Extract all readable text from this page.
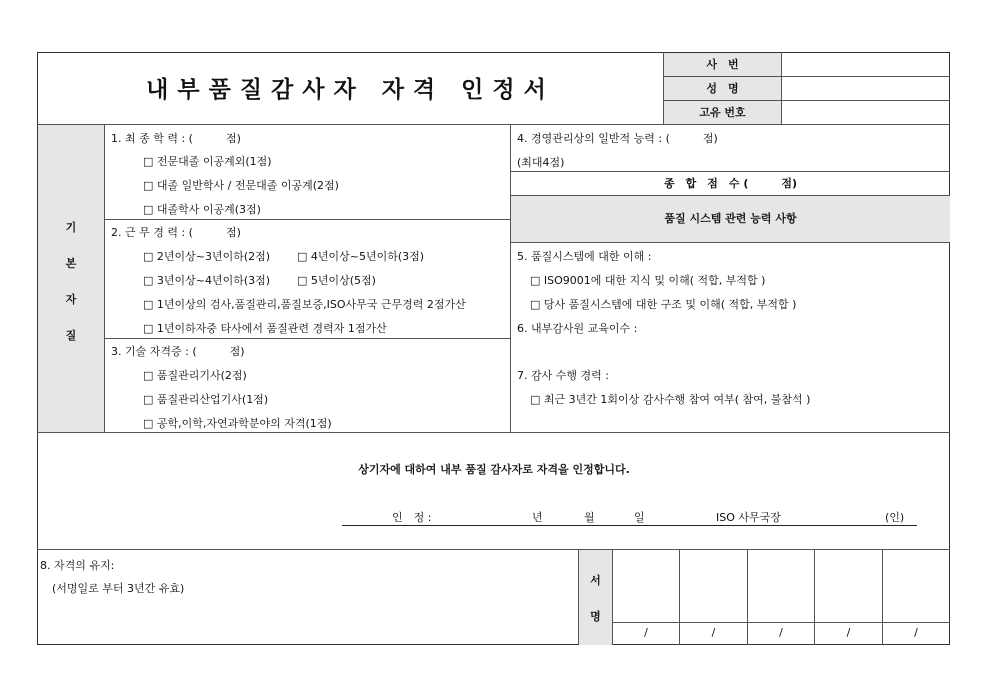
내부품질감사자 자격 인정서
사　번
성　명
고유 번호
기
본
자
질
1. 최 종 학 력 : (　　　점)
□ 전문대졸 이공계외(1점)
□ 대졸 일반학사 / 전문대졸 이공계(2점)
□ 대졸학사 이공계(3점)
2. 근 무 경 력 : (　　　점)
□ 2년이상~3년이하(2점) □ 4년이상~5년이하(3점)
□ 3년이상~4년이하(3점) □ 5년이상(5점)
□ 1년이상의 검사,품질관리,품질보증,ISO사무국 근무경력 2점가산
□ 1년이하자중 타사에서 품질관련 경력자 1점가산
3. 기술 자격증 : (　　　점)
□ 품질관리기사(2점)
□ 품질관리산업기사(1점)
□ 공학,이학,자연과학분야의 자격(1점)
4. 경영관리상의 일반적 능력 : (　　　점)
(최대4점)
종　합　점　수 (　　　점)
품질 시스템 관련 능력 사항
5. 품질시스템에 대한 이해 :
□ ISO9001에 대한 지식 및 이해( 적합, 부적합 )
□ 당사 품질시스템에 대한 구조 및 이해( 적합, 부적합 )
6. 내부감사원 교육이수 :
7. 감사 수행 경력 :
□ 최근 3년간 1회이상 감사수행 참여 여부( 참여, 불참석 )
상기자에 대하여 내부 품질 감사자로 자격을 인정합니다.
인　정 :	년	월	일	ISO 사무국장	(인)
8. 자격의 유지:
(서명일로 부터 3년간 유효)
서
명
/	/	/	/	/
